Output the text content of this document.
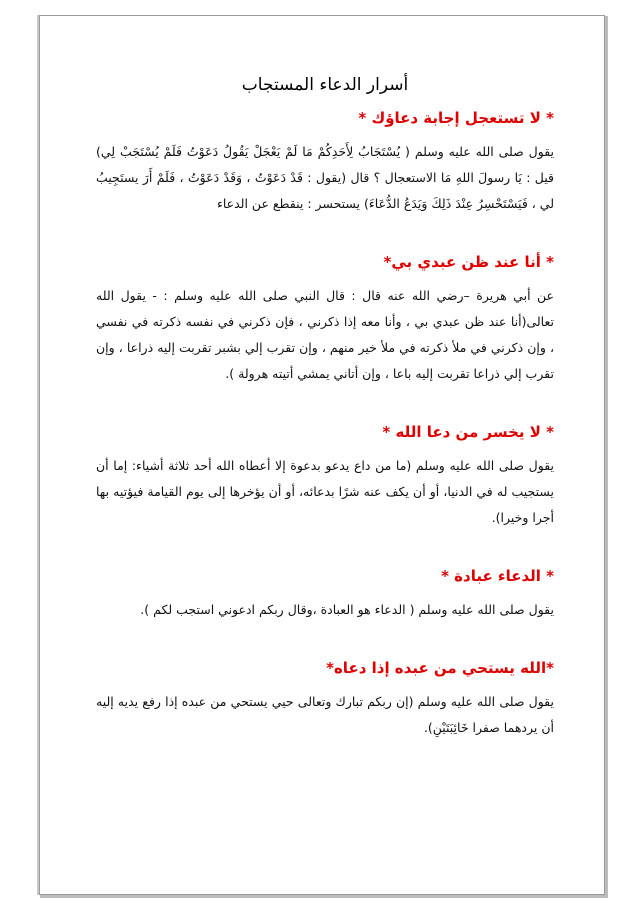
أسرار الدعاء المستجاب
* لا تستعجل إجابة دعاؤك *

يقول صلى الله عليه وسلم ( يُسْتَجَابُ لِأَحَدِكُمْ مَا لَمْ يَعْجَلْ يَقُولُ دَعَوْتُ فَلَمْ يُسْتَجَبْ لِي) قيل : يَا رسولَ اللهِ مَا الاستعجال ؟ قال (يقول : قَدْ دَعَوْتُ ، وَقَدْ دَعَوْتُ ، فَلَمْ أَرَ يستَجِيبُ لي ، فَيَسْتَحْسِرُ عِنْدَ ذَلِكَ وَيَدَعُ الدُّعَاءَ) يستحسر : ينقطع عن الدعاء

* أنا عند ظن عبدي بي*

عن أبي هريرة –رضي الله عنه قال : قال النبي صلى الله عليه وسلم : - يقول الله تعالى(أنا عند ظن عبدي بي ، وأنا معه إذا ذكرني ، فإن ذكرني في نفسه ذكرته في نفسي ، وإن ذكرني في ملأ ذكرته في ملأ خير منهم ، وإن تقرب إلي بشبر تقربت إليه ذراعا ، وإن تقرب إلي ذراعا تقربت إليه باعا ، وإن أتاني يمشي أتيته هرولة ).

* لا يخسر من دعا الله *

يقول صلى الله عليه وسلم (ما من داع يدعو بدعوة إلا أعطاه الله أحد ثلاثة أشياء: إما أن يستجيب له في الدنيا، أو أن يكف عنه شرًا بدعائه، أو أن يؤخرها إلى يوم القيامة فيؤتيه بها أجرا وخيرا).

* الدعاء عبادة *

يقول صلى الله عليه وسلم ( الدعاء هو العبادة ،وقال ربكم ادعوني استجب لكم ).

*الله يستحي من عبده إذا دعاه*

يقول صلى الله عليه وسلم (إن ربكم تبارك وتعالى حيي يستحي من عبده إذا رفع يديه إليه أن يردهما صفرا خَائِبَتَيْنِ).
